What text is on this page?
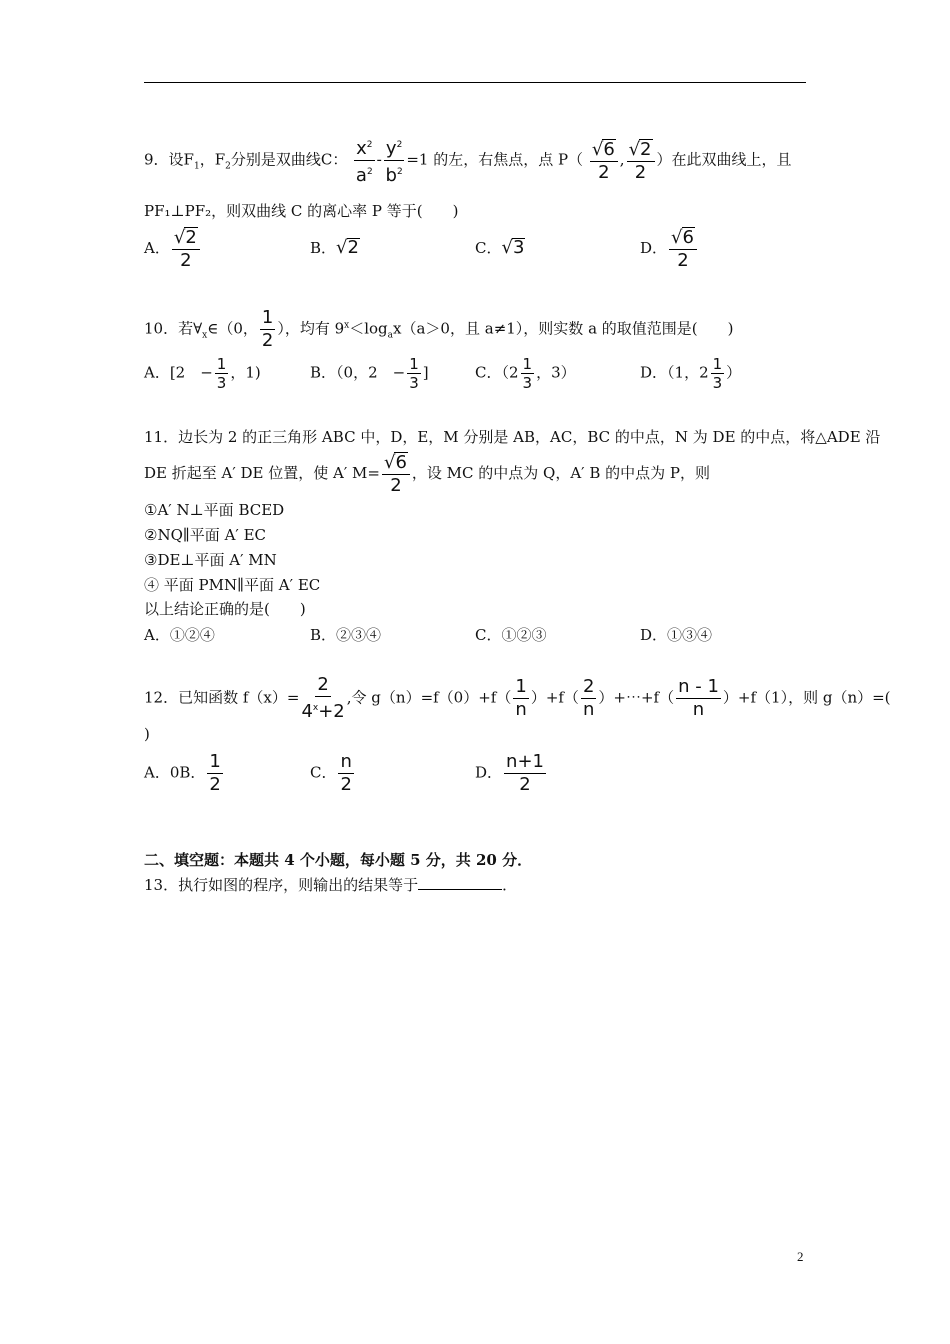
9．设$F_1$，$F_2$分别是双曲线C： $\frac{x^2}{a^2} - \frac{y^2}{b^2} =1$ 的左，右焦点，点 $P( \frac{√6}{2}$ , $\frac{√2}{2}$ ）在此双曲线上，且
PF₁⊥PF₂，则双曲线 C 的离心率 P 等于(　　)
A． $\frac{√2}{2}$	B．√2	C．√3	D． $\frac{√6}{2}$
10．若$\forall_x\in(0$， $\frac{1}{2}$ ），均有 $9^x<\log_ax(a>0$，且 a≠1），则实数 a 的取值范围是(　　)
A．[2　− $\frac{1}{3}$ ，1)	B．（0，2　− $\frac{1}{3}$ ]	C．（$2 \frac{1}{3}$ ，3）	D．（1，$2 \frac{1}{3}$ ）
11．边长为 2 的正三角形 ABC 中，D，E，M 分别是 AB，AC，BC 的中点，N 为 DE 的中点，将△ADE 沿
DE 折起至 A′ DE 位置，使 A′ $M= \frac{√6}{2}$ ，设 MC 的中点为 Q，A′ B 的中点为 P，则
①A′ N⊥平面 BCED
②NQ∥平面 A′ EC
③DE⊥平面 A′ MN
④ 平面 PMN∥平面 A′ EC
以上结论正确的是(　　)
A．①②④	B．②③④	C．①②③	D．①③④
12．已知函数 $f(x)= \frac{2}{4^x+2}$ ,令 $g(n)=f(0)+f( \frac{1}{n} )+f( \frac{2}{n}$ ）+⋯+f（ $\frac{n - 1}{n} )+f(1)$，则 g（n）=(
)
A．0B． $\frac{1}{2}$	C． $\frac{n}{2}$	D． $\frac{n+1}{2}$
二、填空题：本题共 4 个小题，每小题 5 分，共 20 分．
13．执行如图的程序，则输出的结果等于	．
2
